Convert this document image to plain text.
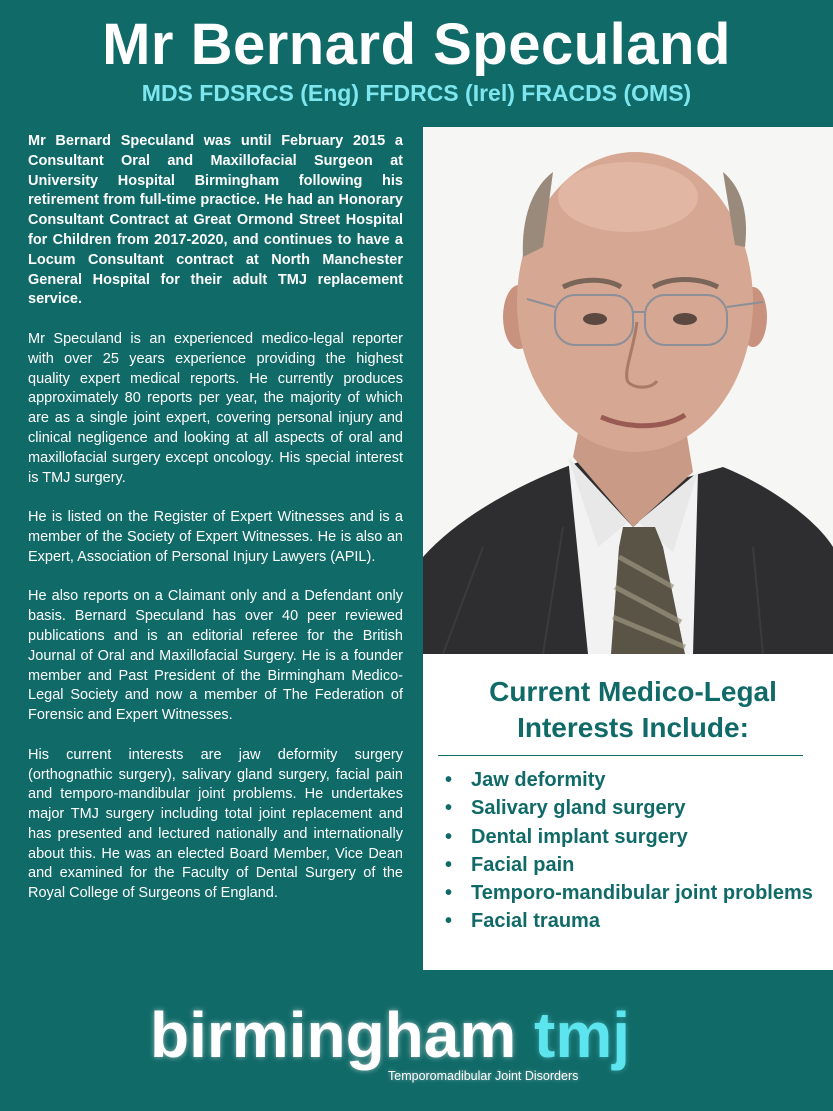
Mr Bernard Speculand
MDS FDSRCS (Eng) FFDRCS (Irel) FRACDS (OMS)

Mr Bernard Speculand was until February 2015 a Consultant Oral and Maxillofacial Surgeon at University Hospital Birmingham following his retirement from full-time practice. He had an Honorary Consultant Contract at Great Ormond Street Hospital for Children from 2017-2020, and continues to have a Locum Consultant contract at North Manchester General Hospital for their adult TMJ replacement service.

Mr Speculand is an experienced medico-legal reporter with over 25 years experience providing the highest quality expert medical reports. He currently produces approximately 80 reports per year, the majority of which are as a single joint expert, covering personal injury and clinical negligence and looking at all aspects of oral and maxillofacial surgery except oncology. His special interest is TMJ surgery.

He is listed on the Register of Expert Witnesses and is a member of the Society of Expert Witnesses. He is also an Expert, Association of Personal Injury Lawyers (APIL).

He also reports on a Claimant only and a Defendant only basis. Bernard Speculand has over 40 peer reviewed publications and is an editorial referee for the British Journal of Oral and Maxillofacial Surgery. He is a founder member and Past President of the Birmingham Medico-Legal Society and now a member of The Federation of Forensic and Expert Witnesses.

His current interests are jaw deformity surgery (orthognathic surgery), salivary gland surgery, facial pain and temporo-mandibular joint problems. He undertakes major TMJ surgery including total joint replacement and has presented and lectured nationally and internationally about this. He was an elected Board Member, Vice Dean and examined for the Faculty of Dental Surgery of the Royal College of Surgeons of England.

Current Medico-Legal
Interests Include:
• Jaw deformity
• Salivary gland surgery
• Dental implant surgery
• Facial pain
• Temporo-mandibular joint problems
• Facial trauma
birmingham tmj
Temporomadibular Joint Disorders
